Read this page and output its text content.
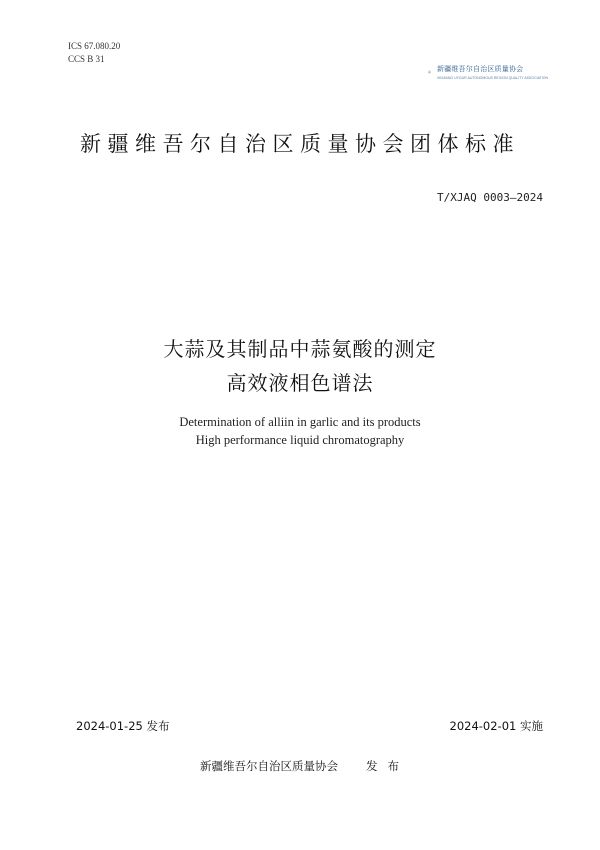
ICS 67.080.20
CCS B 31
XJAQ 新疆维吾尔自治区质量协会
XINJIANG UYGUR AUTONOMOUS REGION QUALITY ASSOCIATION
新疆维吾尔自治区质量协会团体标准
T/XJAQ 0003—2024
大蒜及其制品中蒜氨酸的测定
高效液相色谱法
Determination of alliin in garlic and its products
High performance liquid chromatography
2024-01-25 发布	2024-02-01 实施
新疆维吾尔自治区质量协会 发布
